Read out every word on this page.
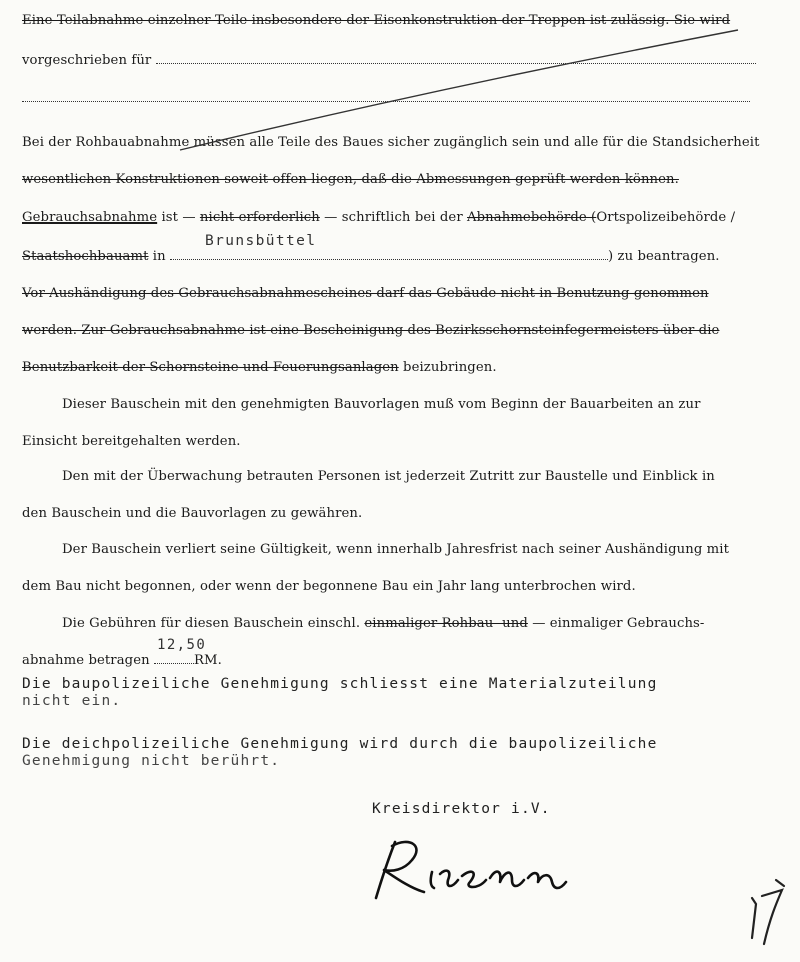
Eine Teilabnahme einzelner Teile insbesondere der Eisenkonstruktion der Treppen ist zulässig. Sie wird
vorgeschrieben für
Bei der Rohbauabnahme müssen alle Teile des Baues sicher zugänglich sein und alle für die Standsicherheit
wesentlichen Konstruktionen soweit offen liegen, daß die Abmessungen geprüft werden können.
Gebrauchsabnahme ist — nicht erforderlich — schriftlich bei der Abnahmebehörde (Ortspolizeibehörde /
Staatshochbauamt in	) zu beantragen.
Brunsbüttel
Vor Aushändigung des Gebrauchsabnahmescheines darf das Gebäude nicht in Benutzung genommen
werden. Zur Gebrauchsabnahme ist eine Bescheinigung des Bezirksschornsteinfegermeisters über die
Benutzbarkeit der Schornsteine und Feuerungsanlagen beizubringen.
Dieser Bauschein mit den genehmigten Bauvorlagen muß vom Beginn der Bauarbeiten an zur
Einsicht bereitgehalten werden.
Den mit der Überwachung betrauten Personen ist jederzeit Zutritt zur Baustelle und Einblick in
den Bauschein und die Bauvorlagen zu gewähren.
Der Bauschein verliert seine Gültigkeit, wenn innerhalb Jahresfrist nach seiner Aushändigung mit
dem Bau nicht begonnen, oder wenn der begonnene Bau ein Jahr lang unterbrochen wird.
Die Gebühren für diesen Bauschein einschl. einmaliger Rohbau- und — einmaliger Gebrauchs-
abnahme betragen	RM.
12,50
Die baupolizeiliche Genehmigung schliesst eine Materialzuteilung
nicht ein.
Die deichpolizeiliche Genehmigung wird durch die baupolizeiliche
Genehmigung nicht berührt.
Kreisdirektor i.V.
